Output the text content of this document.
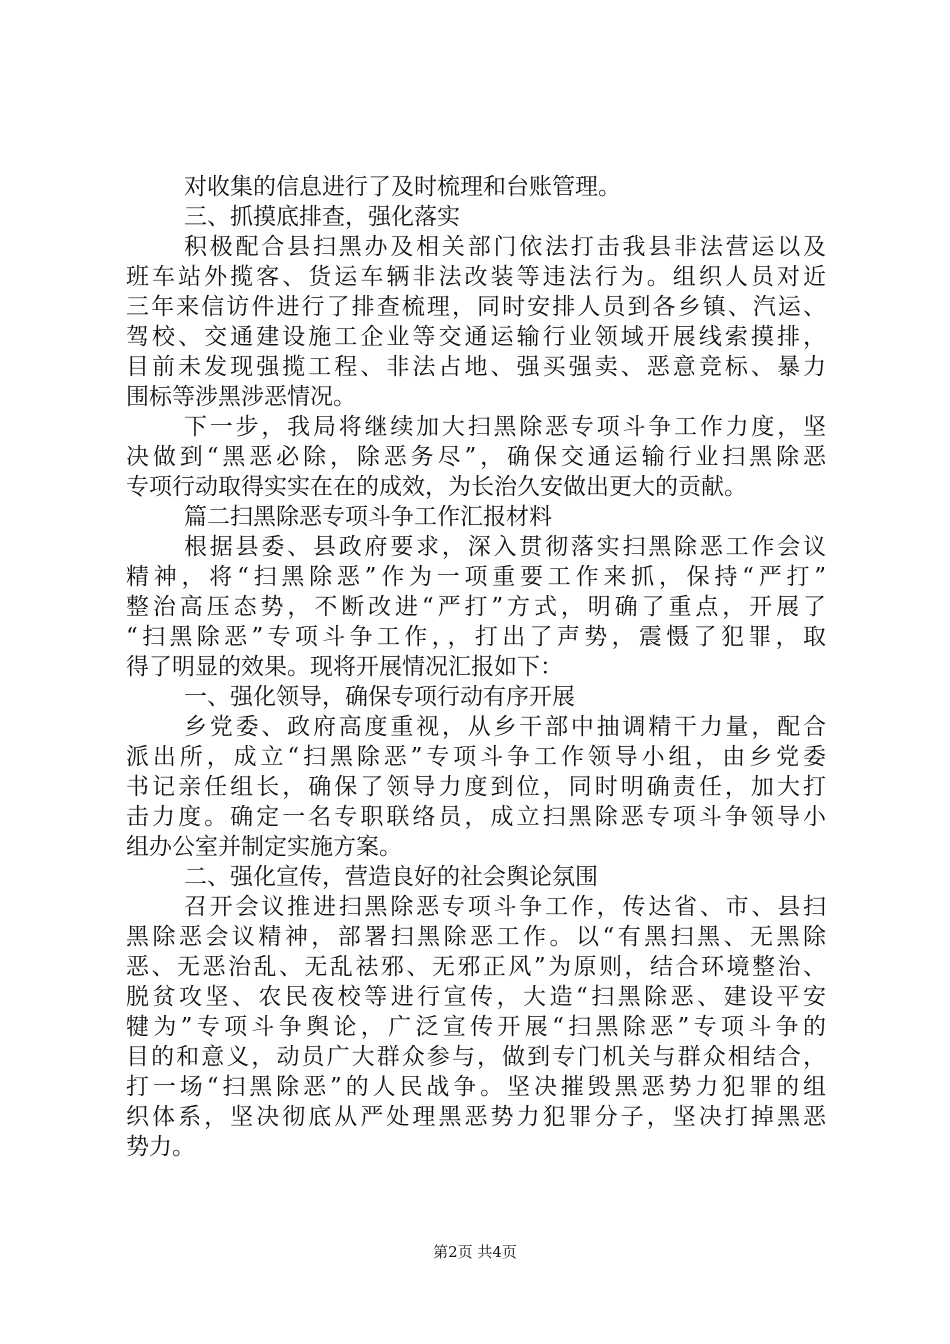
对收集的信息进行了及时梳理和台账管理。
三、抓摸底排查，强化落实
积极配合县扫黑办及相关部门依法打击我县非法营运以及
班车站外揽客、货运车辆非法改装等违法行为。组织人员对近
三年来信访件进行了排查梳理，同时安排人员到各乡镇、汽运、
驾校、交通建设施工企业等交通运输行业领域开展线索摸排，
目前未发现强揽工程、非法占地、强买强卖、恶意竞标、暴力
围标等涉黑涉恶情况。
下一步，我局将继续加大扫黑除恶专项斗争工作力度，坚
决做到“黑恶必除，除恶务尽”，确保交通运输行业扫黑除恶
专项行动取得实实在在的成效，为长治久安做出更大的贡献。
篇二扫黑除恶专项斗争工作汇报材料
根据县委、县政府要求，深入贯彻落实扫黑除恶工作会议
精神，将“扫黑除恶”作为一项重要工作来抓，保持“严打”
整治高压态势，不断改进“严打”方式，明确了重点，开展了
“扫黑除恶”专项斗争工作，，打出了声势，震慑了犯罪，取
得了明显的效果。现将开展情况汇报如下：
一、强化领导，确保专项行动有序开展
乡党委、政府高度重视，从乡干部中抽调精干力量，配合
派出所，成立“扫黑除恶”专项斗争工作领导小组，由乡党委
书记亲任组长，确保了领导力度到位，同时明确责任，加大打
击力度。确定一名专职联络员，成立扫黑除恶专项斗争领导小
组办公室并制定实施方案。
二、强化宣传，营造良好的社会舆论氛围
召开会议推进扫黑除恶专项斗争工作，传达省、市、县扫
黑除恶会议精神，部署扫黑除恶工作。以“有黑扫黑、无黑除
恶、无恶治乱、无乱祛邪、无邪正风”为原则，结合环境整治、
脱贫攻坚、农民夜校等进行宣传，大造“扫黑除恶、建设平安
犍为”专项斗争舆论，广泛宣传开展“扫黑除恶”专项斗争的
目的和意义，动员广大群众参与，做到专门机关与群众相结合，
打一场“扫黑除恶”的人民战争。坚决摧毁黑恶势力犯罪的组
织体系，坚决彻底从严处理黑恶势力犯罪分子，坚决打掉黑恶
势力。
第2页 共4页
